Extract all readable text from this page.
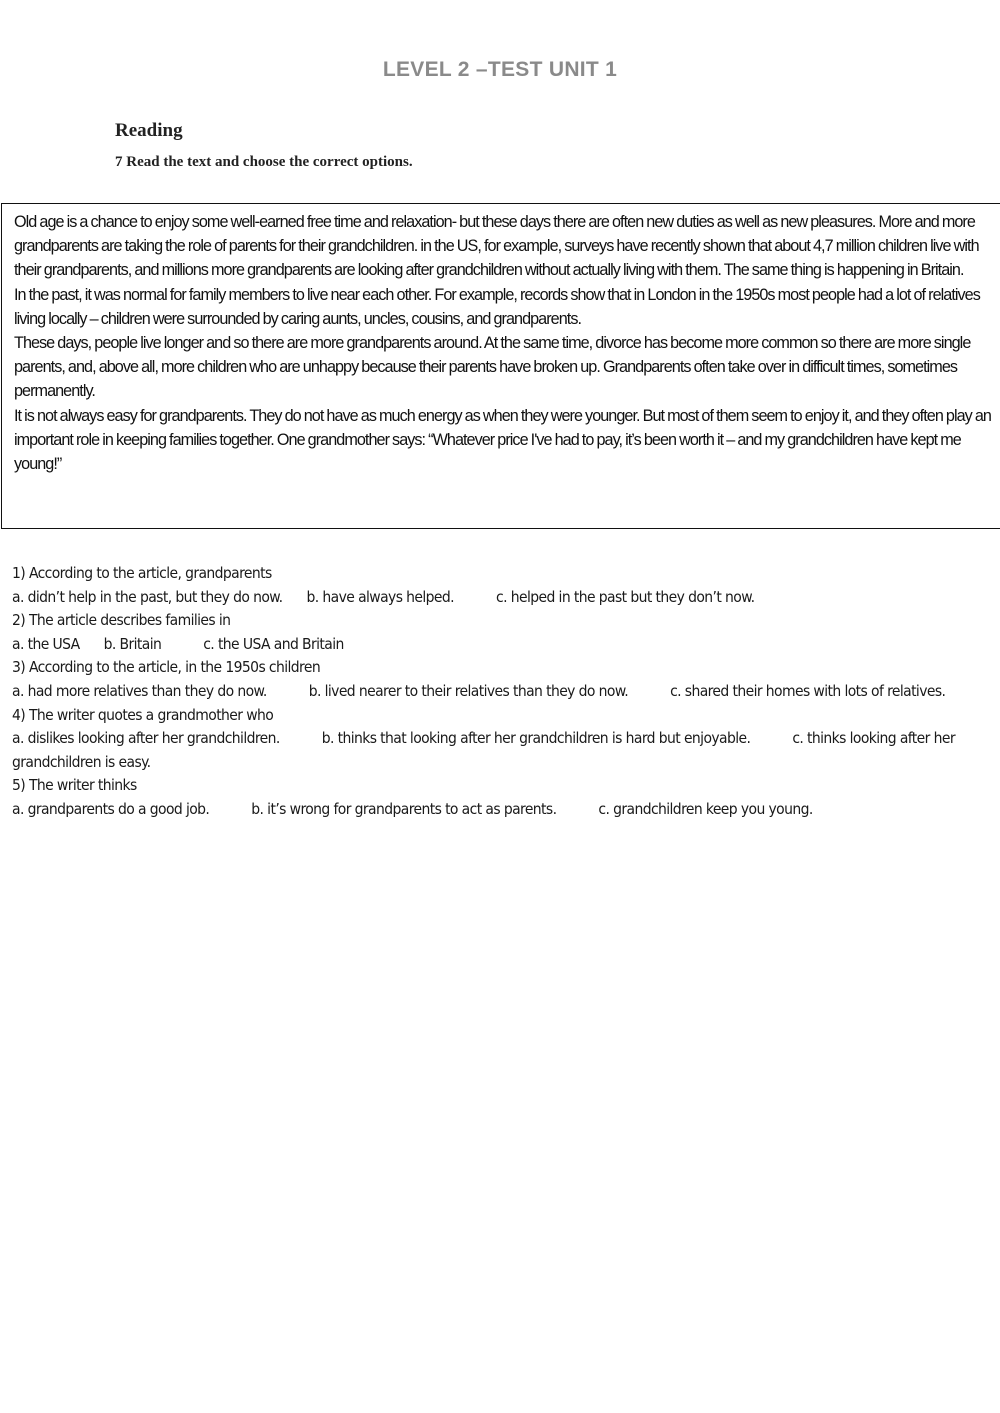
LEVEL 2 –TEST UNIT 1
Reading
7 Read the text and choose the correct options.

Old age is a chance to enjoy some well-earned free time and relaxation- but these days there are often new duties as well as new pleasures. More and more grandparents are taking the role of parents for their grandchildren. in the US, for example, surveys have recently shown that about 4,7 million children live with their grandparents, and millions more grandparents are looking after grandchildren without actually living with them. The same thing is happening in Britain.

In the past, it was normal for family members to live near each other. For example, records show that in London in the 1950s most people had a lot of relatives living locally – children were surrounded by caring aunts, uncles, cousins, and grandparents.

These days, people live longer and so there are more grandparents around. At the same time, divorce has become more common so there are more single parents, and, above all, more children who are unhappy because their parents have broken up. Grandparents often take over in difficult times, sometimes permanently.

It is not always easy for grandparents. They do not have as much energy as when they were younger. But most of them seem to enjoy it, and they often play an important role in keeping families together. One grandmother says: “Whatever price I've had to pay, it’s been worth it – and my grandchildren have kept me young!”

1) According to the article, grandparents
a. didn’t help in the past, but they do now. b. have always helped.	c. helped in the past but they don’t now.
2) The article describes families in
a. the USA b. Britain	c. the USA and Britain
3) According to the article, in the 1950s children
a. had more relatives than they do now.	b. lived nearer to their relatives than they do now.	c. shared their homes with lots of relatives.
4) The writer quotes a grandmother who
a. dislikes looking after her grandchildren.	b. thinks that looking after her grandchildren is hard but enjoyable.	c. thinks looking after her grandchildren is easy.
5) The writer thinks
a. grandparents do a good job.	b. it’s wrong for grandparents to act as parents.	c. grandchildren keep you young.
